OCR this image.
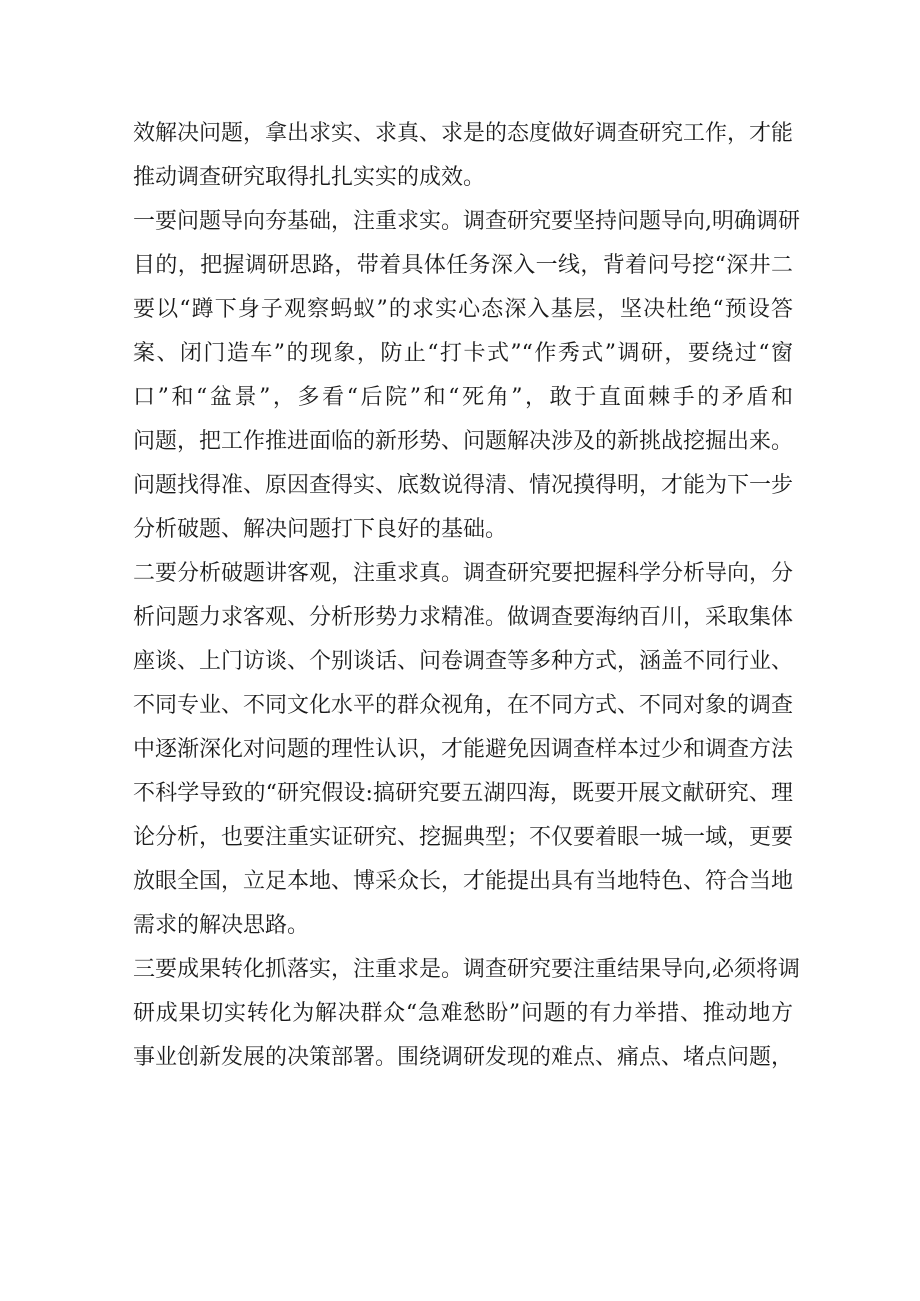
效解决问题，拿出求实、求真、求是的态度做好调查研究工作，才能
推动调查研究取得扎扎实实的成效。
一要问题导向夯基础，注重求实。调查研究要坚持问题导向,明确调研
目的，把握调研思路，带着具体任务深入一线，背着问号挖“深井二
要以“蹲下身子观察蚂蚁”的求实心态深入基层，坚决杜绝“预设答
案、闭门造车”的现象，防止“打卡式”“作秀式”调研，要绕过“窗
口”和“盆景”，多看“后院”和“死角”，敢于直面棘手的矛盾和
问题，把工作推进面临的新形势、问题解决涉及的新挑战挖掘出来。
问题找得准、原因查得实、底数说得清、情况摸得明，才能为下一步
分析破题、解决问题打下良好的基础。
二要分析破题讲客观，注重求真。调查研究要把握科学分析导向，分
析问题力求客观、分析形势力求精准。做调查要海纳百川，采取集体
座谈、上门访谈、个别谈话、问卷调查等多种方式，涵盖不同行业、
不同专业、不同文化水平的群众视角，在不同方式、不同对象的调查
中逐渐深化对问题的理性认识，才能避免因调查样本过少和调查方法
不科学导致的“研究假设:搞研究要五湖四海，既要开展文献研究、理
论分析，也要注重实证研究、挖掘典型；不仅要着眼一城一域，更要
放眼全国，立足本地、博采众长，才能提出具有当地特色、符合当地
需求的解决思路。
三要成果转化抓落实，注重求是。调查研究要注重结果导向,必须将调
研成果切实转化为解决群众“急难愁盼”问题的有力举措、推动地方
事业创新发展的决策部署。围绕调研发现的难点、痛点、堵点问题，
